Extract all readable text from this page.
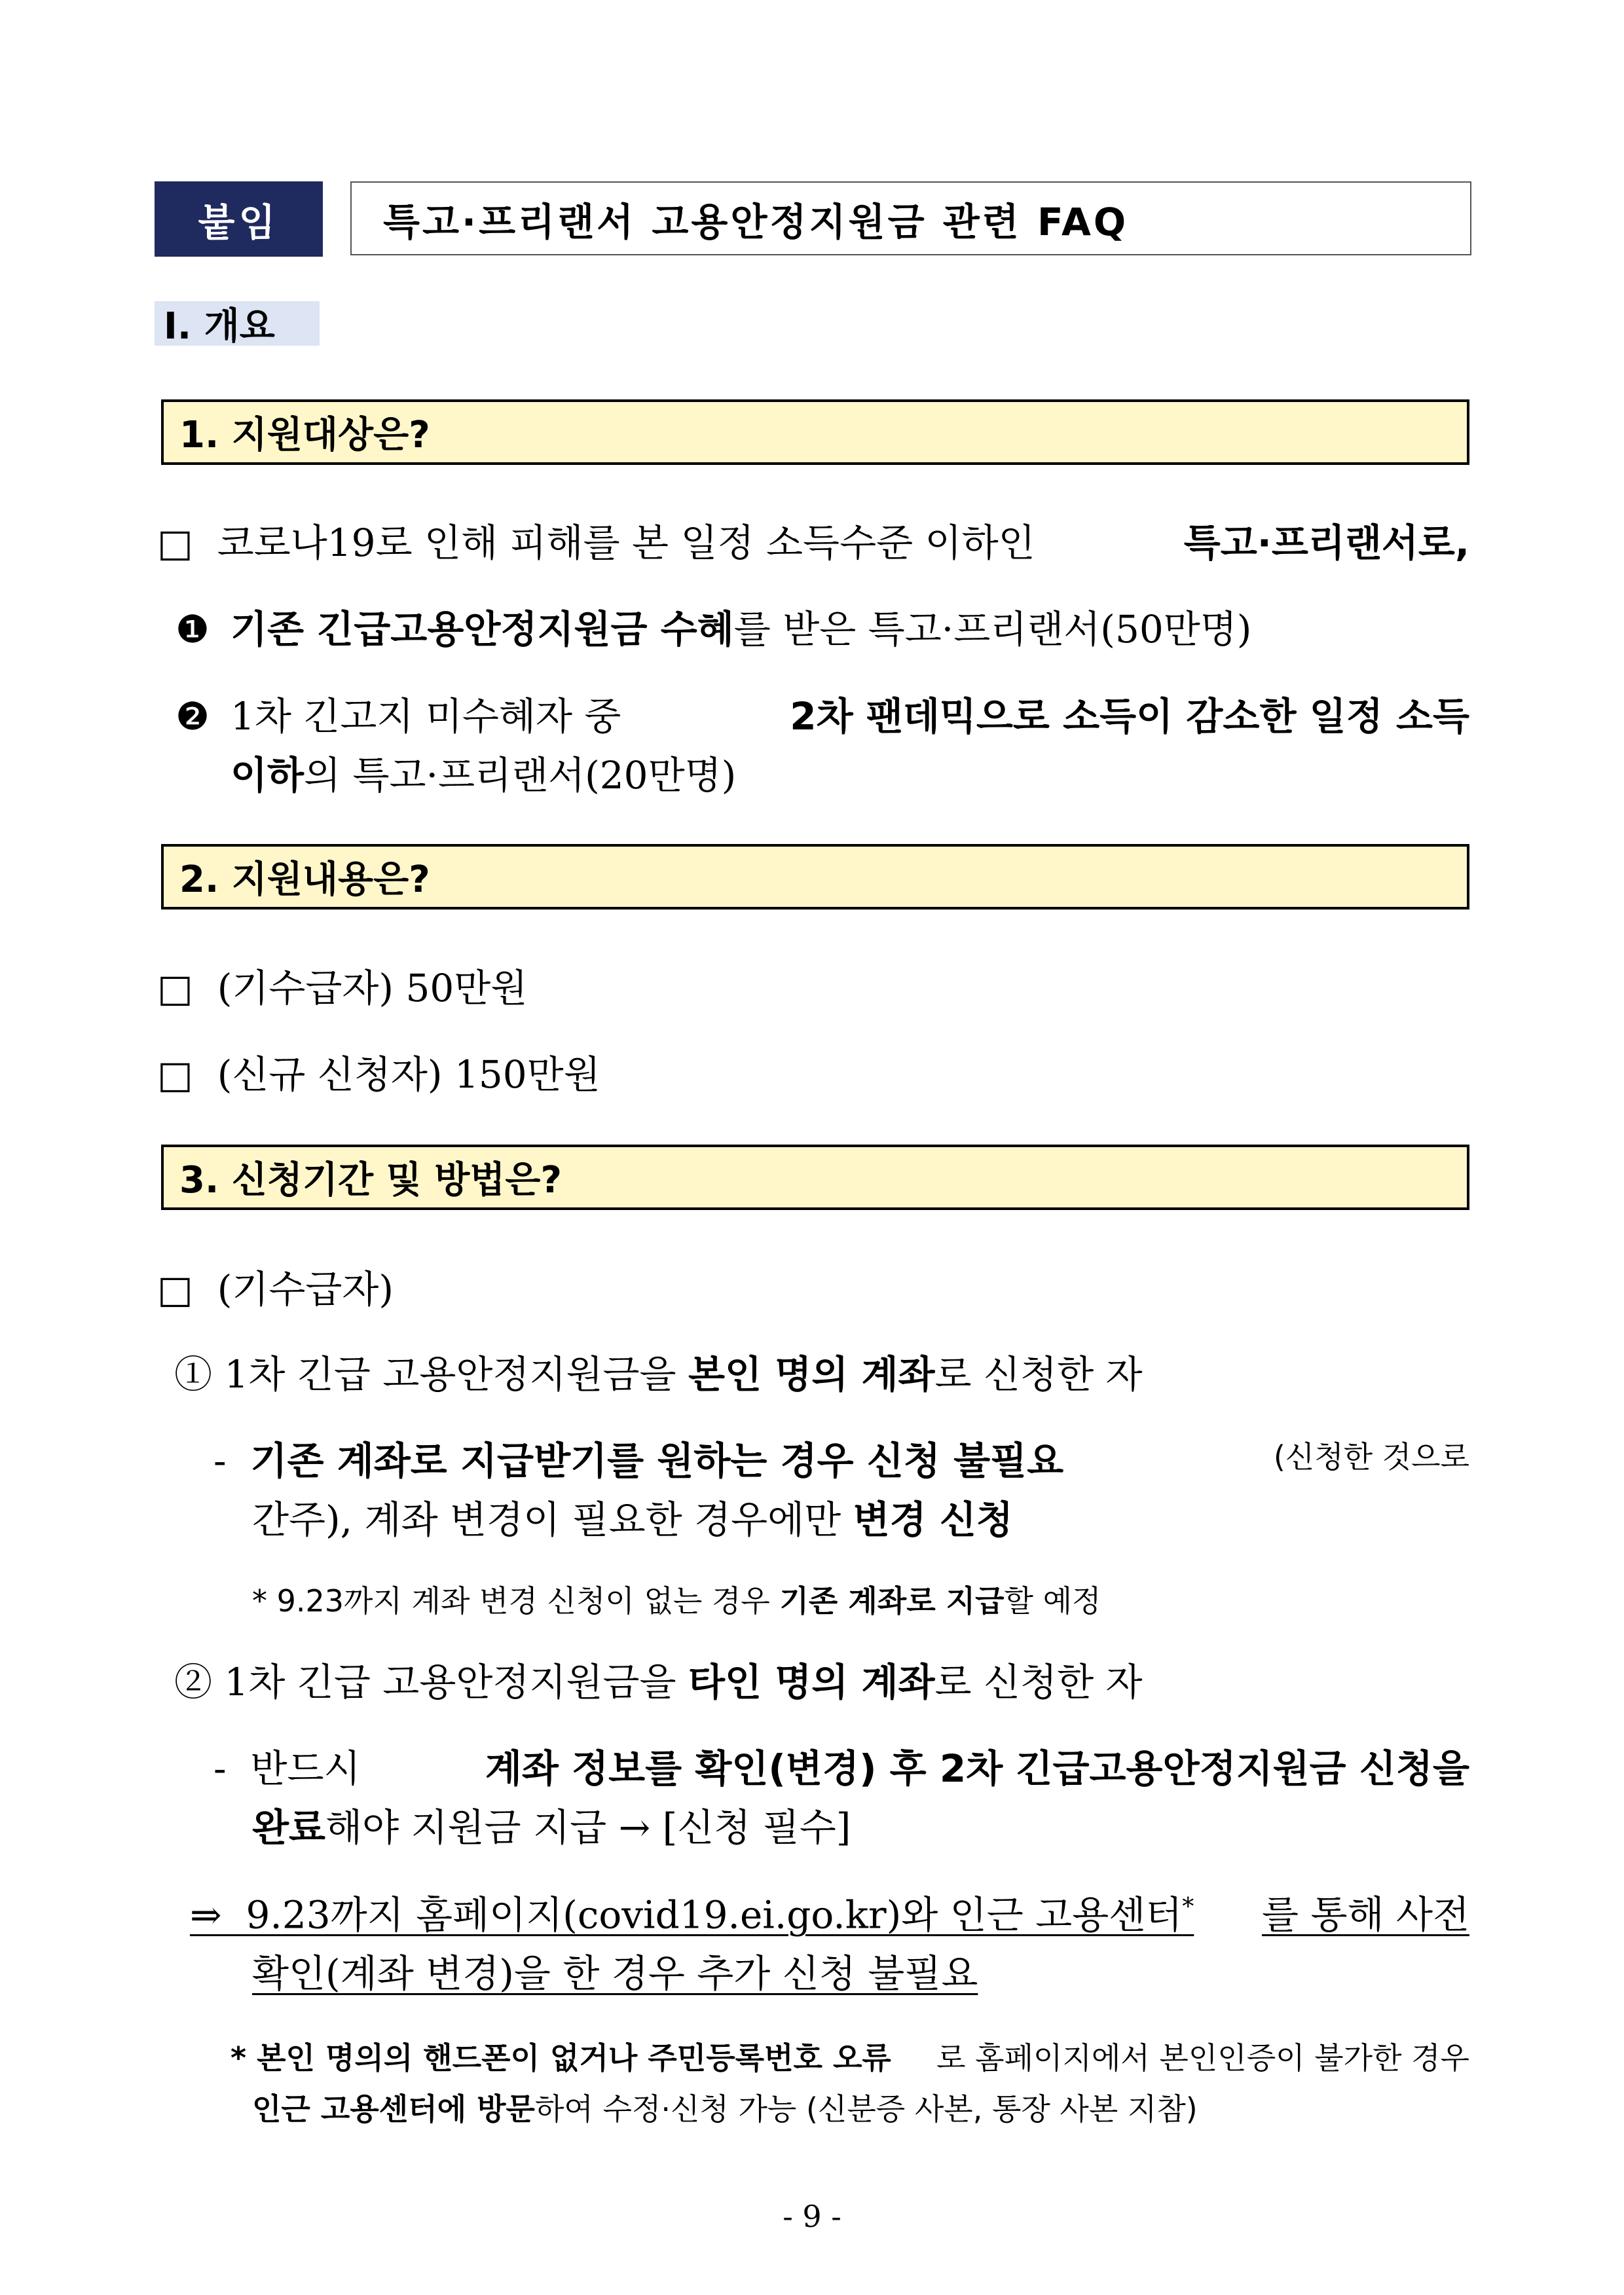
붙임	특고·프리랜서 고용안정지원금 관련 FAQ
Ⅰ. 개요
1. 지원대상은?
□ 코로나19로 인해 피해를 본 일정 소득수준 이하인	특고·프리랜서로,
❶ 기존 긴급고용안정지원금 수혜를 받은 특고·프리랜서(50만명)
❷ 1차 긴고지 미수혜자 중	2차 팬데믹으로 소득이 감소한 일정 소득
이하의 특고·프리랜서(20만명)
2. 지원내용은?
□ (기수급자) 50만원
□ (신규 신청자) 150만원
3. 신청기간 및 방법은?
□ (기수급자)
① 1차 긴급 고용안정지원금을 본인 명의 계좌로 신청한 자
- 기존 계좌로 지급받기를 원하는 경우 신청 불필요	(신청한 것으로
간주), 계좌 변경이 필요한 경우에만 변경 신청
* 9.23까지 계좌 변경 신청이 없는 경우 기존 계좌로 지급할 예정
② 1차 긴급 고용안정지원금을 타인 명의 계좌로 신청한 자
- 반드시	계좌 정보를 확인(변경) 후 2차 긴급고용안정지원금 신청을
완료해야 지원금 지급 → [신청 필수]
⇒ 9.23까지 홈페이지(covid19.ei.go.kr)와 인근 고용센터* 를 통해 사전
확인(계좌 변경)을 한 경우 추가 신청 불필요
* 본인 명의의 핸드폰이 없거나 주민등록번호 오류 로 홈페이지에서 본인인증이 불가한 경우
인근 고용센터에 방문하여 수정·신청 가능 (신분증 사본, 통장 사본 지참)
- 9 -
